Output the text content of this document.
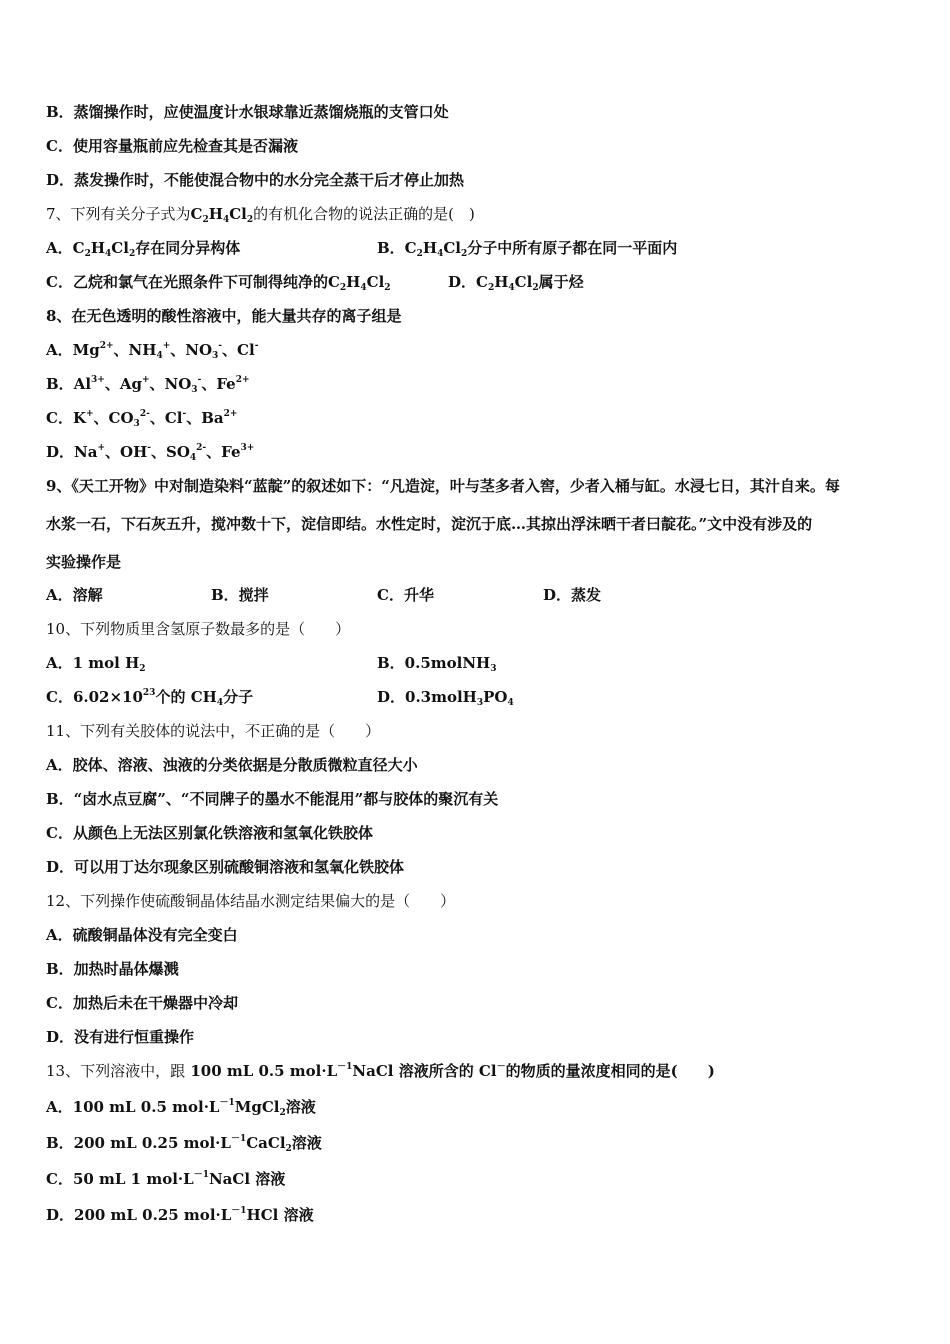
B．蒸馏操作时，应使温度计水银球靠近蒸馏烧瓶的支管口处
C．使用容量瓶前应先检查其是否漏液
D．蒸发操作时，不能使混合物中的水分完全蒸干后才停止加热
7、下列有关分子式为$C_2H_4Cl_2$的有机化合物的说法正确的是(　)
A．$C_2H_4Cl_2$存在同分异构体	B．$C_2H_4Cl_2$分子中所有原子都在同一平面内
C．乙烷和氯气在光照条件下可制得纯净的$C_2H_4Cl_2$	D．$C_2H_4Cl_2$属于烃
8、在无色透明的酸性溶液中，能大量共存的离子组是
A．$Mg^{2+}$、$NH_4^+$、$NO_3^-$、Cl-
B．$Al^{3+}$、Ag+、$NO_3^-$、$Fe^{2+}$
C．K+、$CO_3^{2-}$、Cl-、$Ba^{2+}$
D．Na+、OH-、$SO_4^{2-}$、$Fe^{3+}$
9、《天工开物》中对制造染料“蓝靛”的叙述如下：“凡造淀，叶与茎多者入窖，少者入桶与缸。水浸七日，其汁自来。每
水浆一石，下石灰五升，搅冲数十下，淀信即结。水性定时，淀沉于底…其掠出浮沫晒干者曰靛花。”文中没有涉及的
实验操作是
A．溶解	B．搅拌	C．升华	D．蒸发
10、下列物质里含氢原子数最多的是（　　）
A．1 mol $H_2$	B．0.5molNH$_3$
C．$6.02\times 10^{23}$个的 $CH_4$分子	D．$0.3molH_3PO_4$
11、下列有关胶体的说法中，不正确的是（　　）
A．胶体、溶液、浊液的分类依据是分散质微粒直径大小
B．“卤水点豆腐”、“不同牌子的墨水不能混用”都与胶体的聚沉有关
C．从颜色上无法区别氯化铁溶液和氢氧化铁胶体
D．可以用丁达尔现象区别硫酸铜溶液和氢氧化铁胶体
12、下列操作使硫酸铜晶体结晶水测定结果偏大的是（　　）
A．硫酸铜晶体没有完全变白
B．加热时晶体爆溅
C．加热后未在干燥器中冷却
D．没有进行恒重操作
13、下列溶液中，跟 100 mL 0.5 $mol\cdot L^{-1}NaCl$ 溶液所含的 Cl－的物质的量浓度相同的是(　　)
A．100 mL 0.5 $mol\cdot L^{-1}MgCl_2$溶液
B．200 mL 0.25 $mol\cdot L^{-1}CaCl_2$溶液
C．50 mL 1 $mol\cdot L^{-1}NaCl$ 溶液
D．200 mL 0.25 $mol\cdot L^{-1}HCl$ 溶液
